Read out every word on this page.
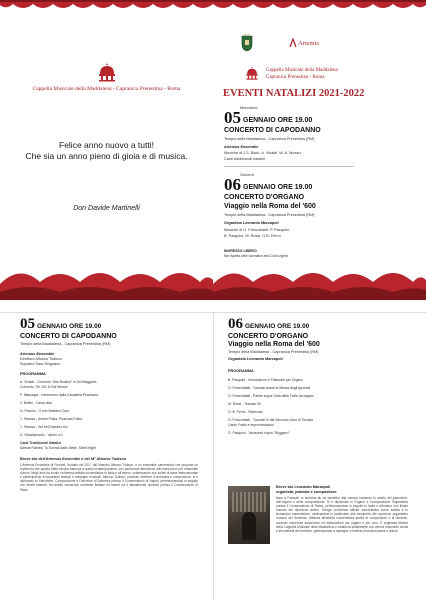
Cappella Musicale della Maddalena - Capranica Prenestina - Roma
Felice anno nuovo a tutti!
Che sia un anno pieno di gioia e di musica.
Don Davide Martinelli
Artemis
Cappella Musicale della Maddalena
Capranica Prenestina - Roma
EVENTI NATALIZI 2021-2022
Mercoledì
05 GENNAIO ORE 19.00
CONCERTO DI CAPODANNO
Tempio della Maddalena - Capranica Prenestina (RM)
Artemus Ensemble
Musiche di J.S. Bach, A. Vivaldi, W. A. Mozart
Canti tradizionali natalizi
Giovedì
06 GENNAIO ORE 19.00
CONCERTO D'ORGANO
Viaggio nella Roma del '600
Tempio della Maddalena - Capranica Prenestina (RM)
Organista Leonardo Marzapoli
Musiche di G. Frescobaldi, P. Pasquini,
B. Pasquini, M. Rossi, G.B. Fermi
INGRESSO LIBERO
Nel rispetto delle normative anti-Covid vigenti
05 GENNAIO ORE 19.00
CONCERTO DI CAPODANNO
Tempio della Maddalena - Capranica Prenestina (RM)
Artemus Ensemble
Direttore Alfonso Todisco
Soprano Sara Scignano
PROGRAMMA
A. Vivaldi - Concerto "Alla Rustica" in Sol Maggiore,
Concerto, RV 151 in Sol Minore
P. Mascagni - Intermezzo dalla Cavalleria Rusticana
V. Bellini - Casta diva
G. Puccini - O mio Babbino Caro
J. Strauss - Annen Polka, Pizzicato Polka
J. Strauss - Sul bel Danubio blu
D. Shostakovich - Valzer n.2
Canti Tradizionali Natalizi
Adeste Fideles, Tu Scendi dalle Stelle, Silent Night
Breve bio dell'Artemus Ensemble e del M° Alfonso Todisco
L'Artemus Ensemble di Pompei, fondato nel 2017 dal Maestro Alfonso Todisco, è un ensemble cameristico che propone un repertorio che spazia dalla musica barocca a quella contemporanea, con particolare attenzione alle trascrizioni per ensemble d'archi. Negli anni ha svolto un'intensa attività concertistica in Italia e all'estero, collaborando con solisti di fama internazionale e partecipando a importanti festival e rassegne musicali. Alfonso Todisco, pianista, direttore d'orchestra e compositore, si è diplomato in Pianoforte, Composizione e Direzione d'Orchestra presso il Conservatorio di Napoli, perfezionandosi in seguito con illustri maestri. Ha diretto numerose orchestre italiane ed estere ed è attualmente docente presso il Conservatorio di Stato.
06 GENNAIO ORE 19.00
CONCERTO D'ORGANO
Viaggio nella Roma del '600
Tempio della Maddalena - Capranica Prenestina (RM)
Organista Leonardo Marzapoli
PROGRAMMA
B. Pasquini - Introduzione e Pastorale per Organo
G. Frescobaldi - Toccata avanti la Messa degli Apostoli
G. Frescobaldi - Partite sopra l'Aria della Follia da organo
M. Rossi - Toccata VII
G. B. Fermi - Ricercare
G. Frescobaldi - Toccata IV dal Secondo Libro di Toccate
Canto Fratto e improvvisazioni
G. Pasquini - Variazioni sopra "Ruggiero"
Breve bio Leonardo Marzapoli
organista, pianista e compositore
Nato a Frascati, si avvicina fin da bambino alla musica iniziando lo studio del pianoforte, dell'organo e della composizione. Si è diplomato in Organo e Composizione Organistica presso il Conservatorio di Roma, perfezionandosi in seguito in Italia e all'estero con illustri maestri del repertorio antico. Svolge un'intensa attività concertistica come solista e in formazioni cameristiche, dedicandosi in particolare alla riscoperta del repertorio organistico romano del Seicento. Affianca all'attività concertistica quella di compositore e di docente, curando numerose trascrizioni ed elaborazioni per organo e per coro. È organista titolare della Cappella Musicale della Maddalena e collabora stabilmente con diversi ensemble vocali e strumentali del territorio, partecipando a rassegne e festival di musica sacra e antica.
